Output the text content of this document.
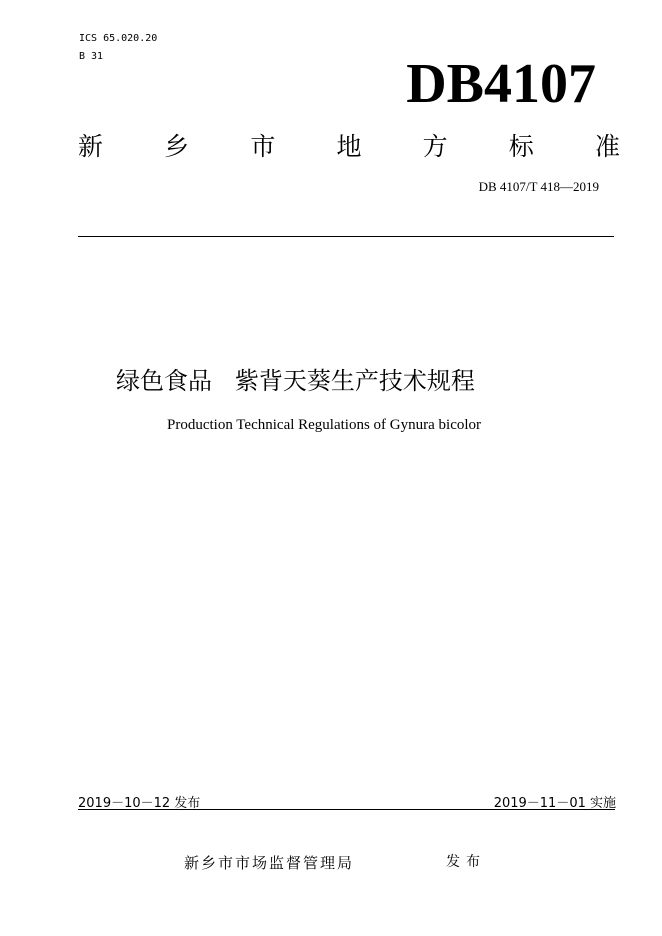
ICS 65.020.20
B 31	DB4107
新 乡 市 地 方 标 准
DB 4107/T 418—2019
绿色食品   紫背天葵生产技术规程
Production Technical Regulations of Gynura bicolor
2019－10－12 发布	2019－11－01 实施
新乡市市场监督管理局	发布
